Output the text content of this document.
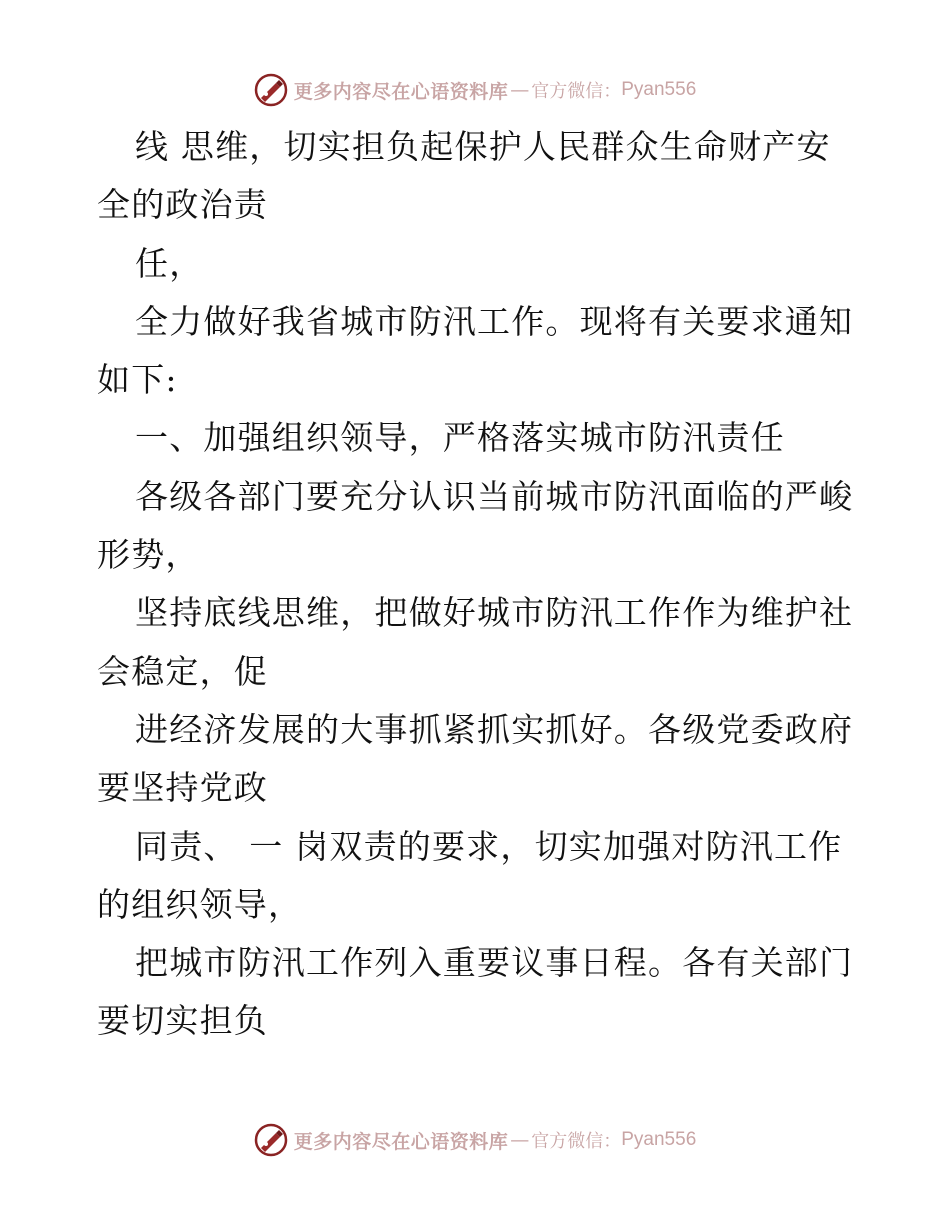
更多内容尽在心语资料库 — 官方微信： Pyan556
线 思维，切实担负起保护人民群众生命财产安
全的政治责
任，
全力做好我省城市防汛工作。现将有关要求通知
如下:
一、加强组织领导，严格落实城市防汛责任
各级各部门要充分认识当前城市防汛面临的严峻
形势，
坚持底线思维，把做好城市防汛工作作为维护社
会稳定，促
进经济发展的大事抓紧抓实抓好。各级党委政府
要坚持党政
同责、 一 岗双责的要求，切实加强对防汛工作
的组织领导，
把城市防汛工作列入重要议事日程。各有关部门
要切实担负
更多内容尽在心语资料库 — 官方微信： Pyan556
